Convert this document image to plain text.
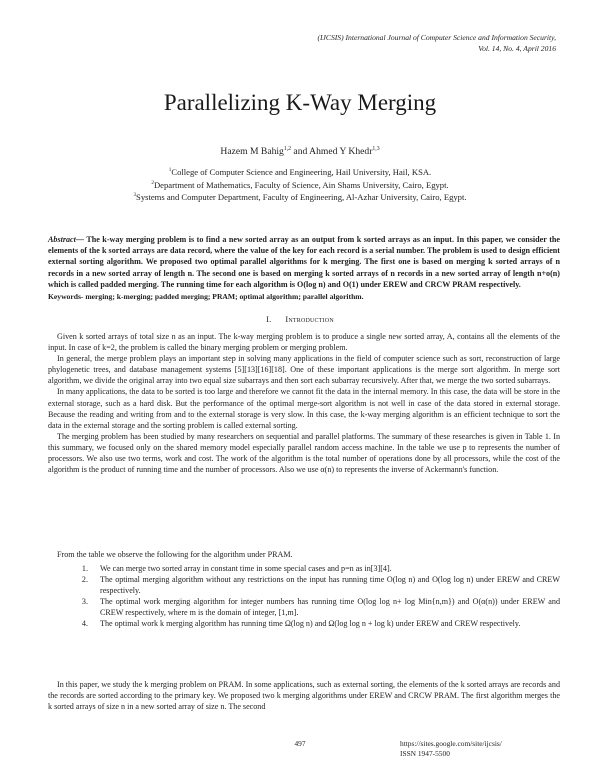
(IJCSIS) International Journal of Computer Science and Information Security,
Vol. 14, No. 4, April 2016
Parallelizing K-Way Merging
Hazem M Bahig$^{1,2}$ and Ahmed Y Khedr$^{1,3}$
$^1$College of Computer Science and Engineering, Hail University, Hail, KSA.
$^2$Department of Mathematics, Faculty of Science, Ain Shams University, Cairo, Egypt.
$^3$Systems and Computer Department, Faculty of Engineering, Al-Azhar University, Cairo, Egypt.
Abstract— The k-way merging problem is to find a new sorted array as an output from k sorted arrays as an input. In this paper, we consider the elements of the k sorted arrays are data record, where the value of the key for each record is a serial number. The problem is used to design efficient external sorting algorithm. We proposed two optimal parallel algorithms for k merging. The first one is based on merging k sorted arrays of n records in a new sorted array of length n. The second one is based on merging k sorted arrays of n records in a new sorted array of length n+o(n) which is called padded merging. The running time for each algorithm is O(log n) and O(1) under EREW and CRCW PRAM respectively.
Keywords- merging; k-merging; padded merging; PRAM; optimal algorithm; parallel algorithm.
I. Introduction

Given k sorted arrays of total size n as an input. The k-way merging problem is to produce a single new sorted array, A, contains all the elements of the input. In case of k=2, the problem is called the binary merging problem or merging problem.

In general, the merge problem plays an important step in solving many applications in the field of computer science such as sort, reconstruction of large phylogenetic trees, and database management systems [5][13][16][18]. One of these important applications is the merge sort algorithm. In merge sort algorithm, we divide the original array into two equal size subarrays and then sort each subarray recursively. After that, we merge the two sorted subarrays.

In many applications, the data to be sorted is too large and therefore we cannot fit the data in the internal memory. In this case, the data will be store in the external storage, such as a hard disk. But the performance of the optimal merge-sort algorithm is not well in case of the data stored in external storage. Because the reading and writing from and to the external storage is very slow. In this case, the k-way merging algorithm is an efficient technique to sort the data in the external storage and the sorting problem is called external sorting.

The merging problem has been studied by many researchers on sequential and parallel platforms. The summary of these researches is given in Table 1. In this summary, we focused only on the shared memory model especially parallel random access machine. In the table we use p to represents the number of processors. We also use two terms, work and cost. The work of the algorithm is the total number of operations done by all processors, while the cost of the algorithm is the product of running time and the number of processors. Also we use α(n) to represents the inverse of Ackermann's function.

From the table we observe the following for the algorithm under PRAM.

1.	We can merge two sorted array in constant time in some special cases and p=n as in[3][4].
2.	The optimal merging algorithm without any restrictions on the input has running time O(log n) and O(log log n) under EREW and CREW respectively.
3.	The optimal work merging algorithm for integer numbers has running time O(log log n+ log Min{n,m}) and O(α(n)) under EREW and CREW respectively, where m is the domain of integer, [1,m].
4.	The optimal work k merging algorithm has running time Ω(log n) and Ω(log log n + log k) under EREW and CREW respectively.

In this paper, we study the k merging problem on PRAM. In some applications, such as external sorting, the elements of the k sorted arrays are records and the records are sorted according to the primary key. We proposed two k merging algorithms under EREW and CRCW PRAM. The first algorithm merges the k sorted arrays of size n in a new sorted array of size n. The second

497	https://sites.google.com/site/ijcsis/
ISSN 1947-5500
